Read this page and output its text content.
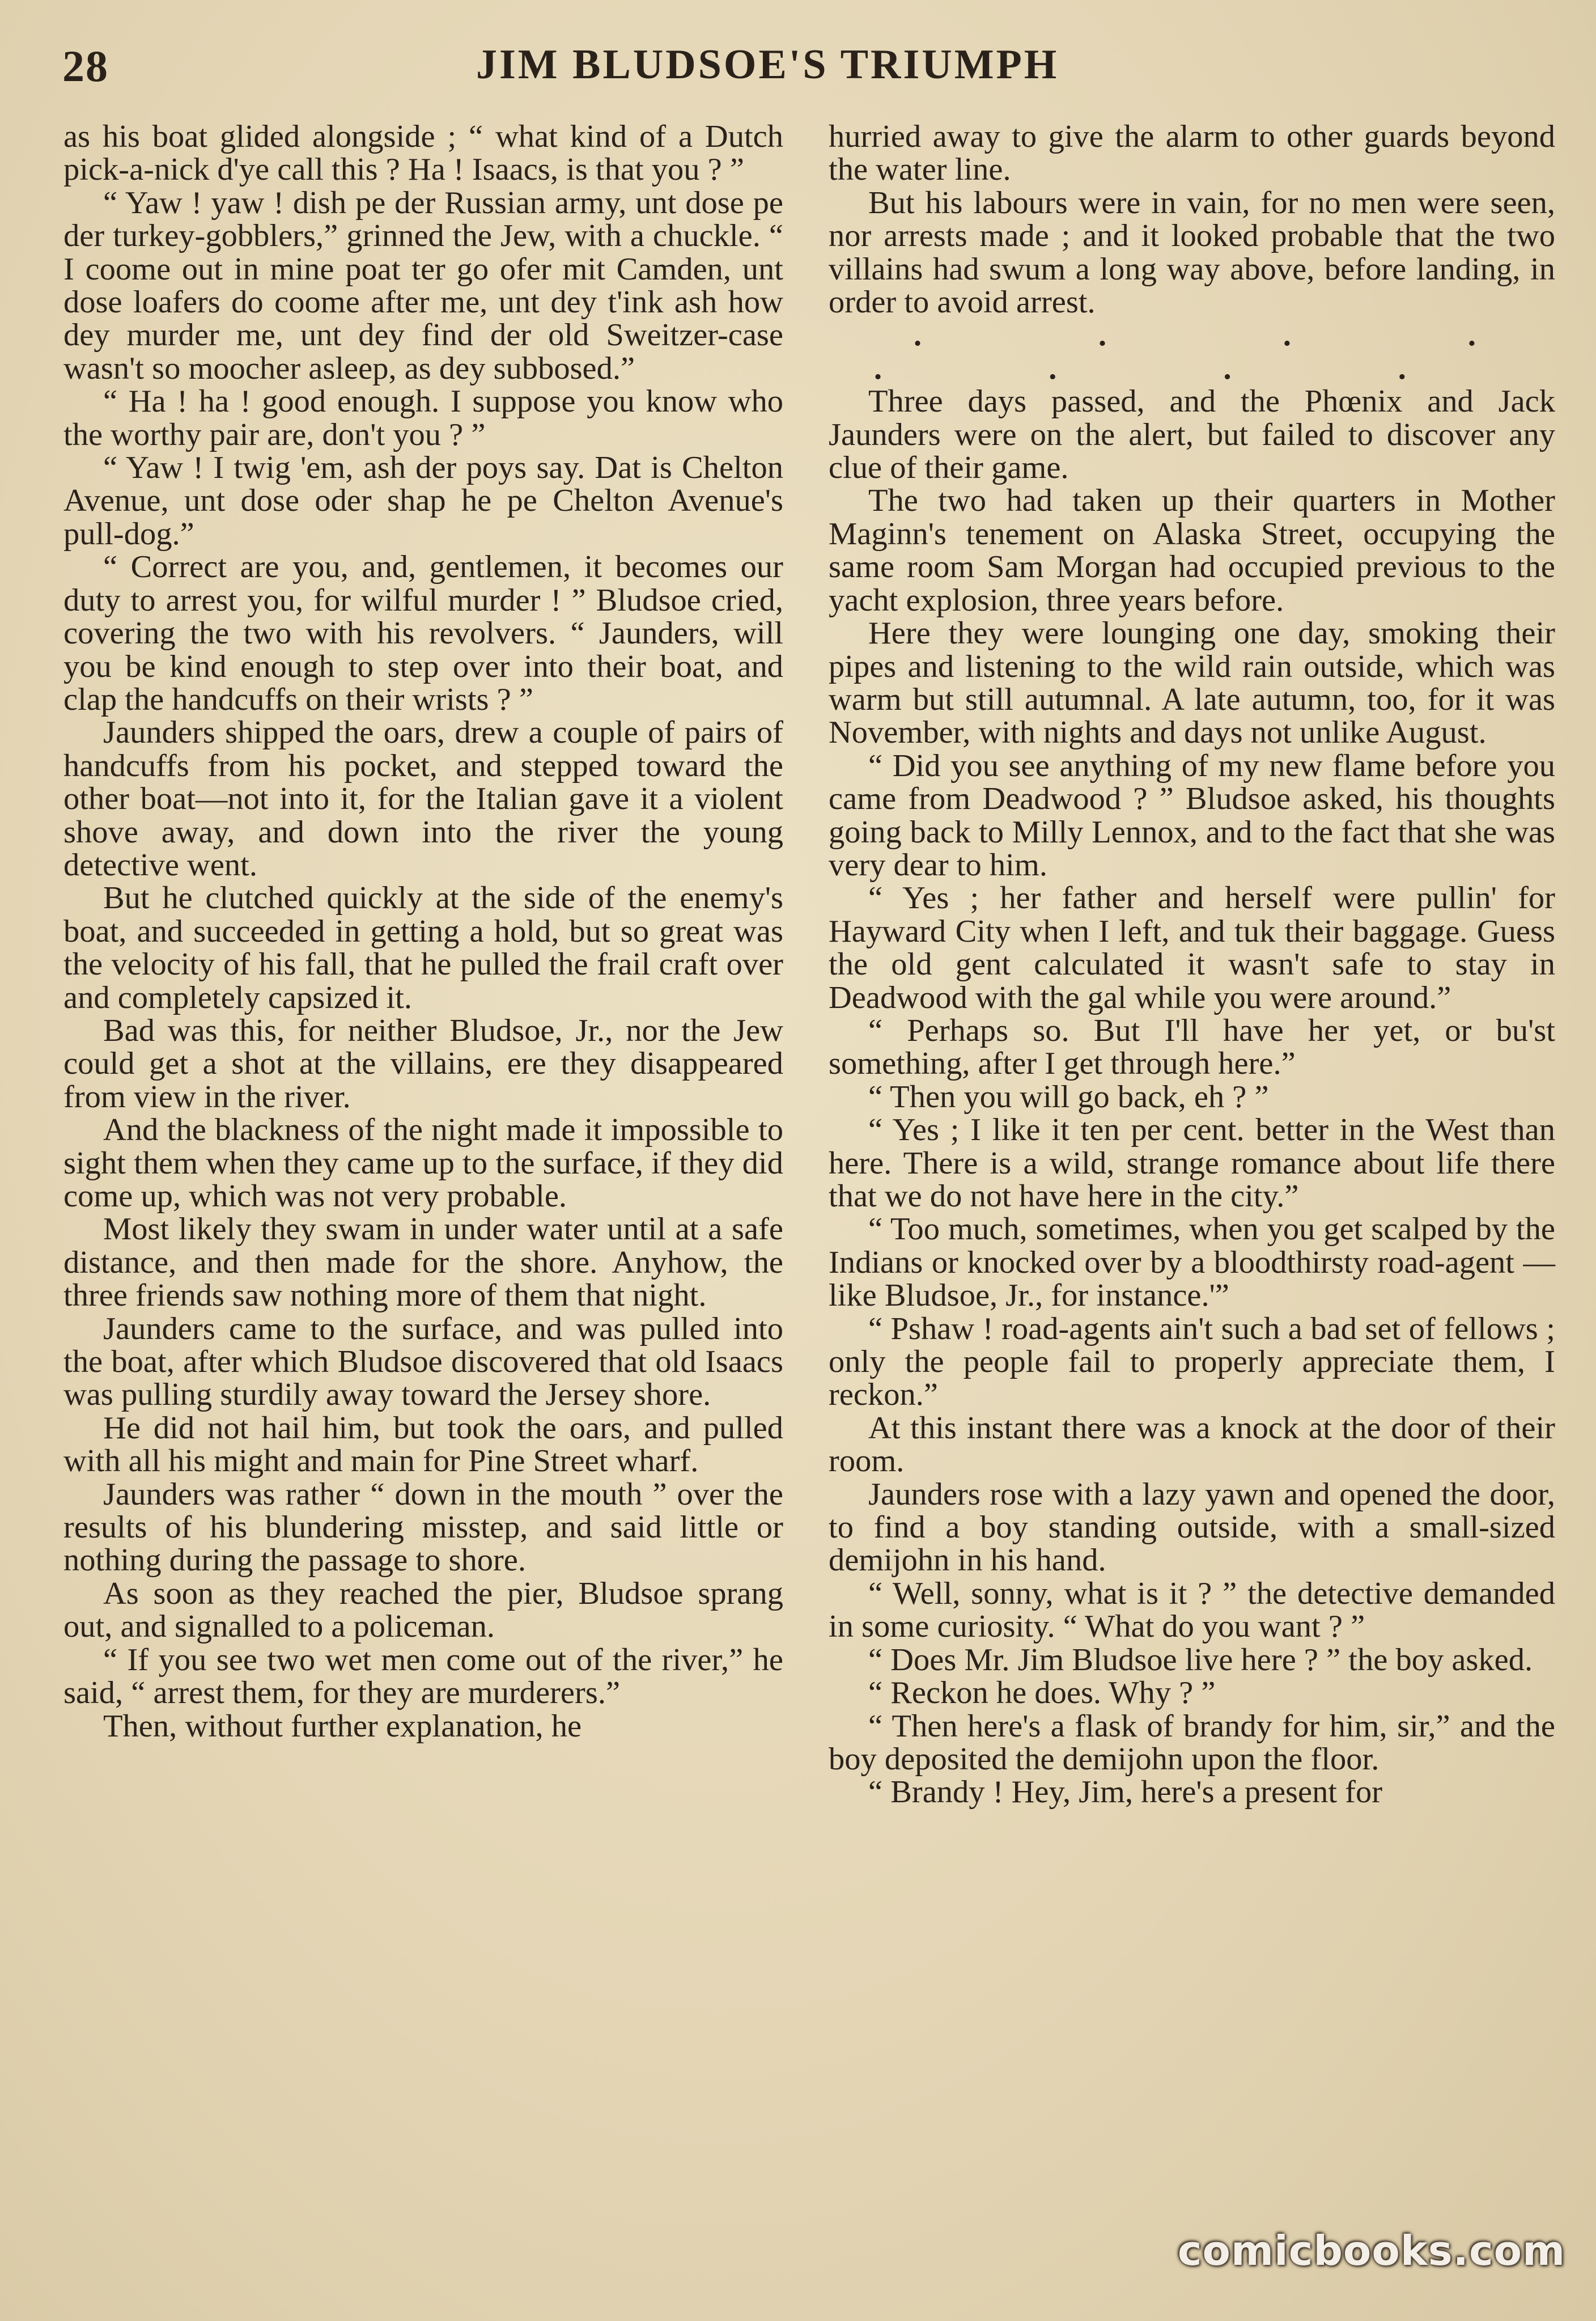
28	JIM BLUDSOE'S TRIUMPH

as his boat glided alongside ; “ what kind of a Dutch pick-a-nick d'ye call this ? Ha ! Isaacs, is that you ? ”

“ Yaw ! yaw ! dish pe der Russian army, unt dose pe der turkey-gobblers,” grinned the Jew, with a chuckle. “ I coome out in mine poat ter go ofer mit Camden, unt dose loafers do coome after me, unt dey t'ink ash how dey murder me, unt dey find der old Sweitzer-case wasn't so moocher asleep, as dey subbosed.”

“ Ha ! ha ! good enough. I suppose you know who the worthy pair are, don't you ? ”

“ Yaw ! I twig 'em, ash der poys say. Dat is Chelton Avenue, unt dose oder shap he pe Chelton Avenue's pull-dog.”

“ Correct are you, and, gentlemen, it becomes our duty to arrest you, for wilful murder ! ” Bludsoe cried, covering the two with his revolvers. “ Jaunders, will you be kind enough to step over into their boat, and clap the handcuffs on their wrists ? ”

Jaunders shipped the oars, drew a couple of pairs of handcuffs from his pocket, and stepped toward the other boat—not into it, for the Italian gave it a violent shove away, and down into the river the young detective went.

But he clutched quickly at the side of the enemy's boat, and succeeded in getting a hold, but so great was the velocity of his fall, that he pulled the frail craft over and completely capsized it.

Bad was this, for neither Bludsoe, Jr., nor the Jew could get a shot at the villains, ere they disappeared from view in the river.

And the blackness of the night made it impossible to sight them when they came up to the surface, if they did come up, which was not very probable.

Most likely they swam in under water until at a safe distance, and then made for the shore. Anyhow, the three friends saw nothing more of them that night.

Jaunders came to the surface, and was pulled into the boat, after which Bludsoe discovered that old Isaacs was pulling sturdily away toward the Jersey shore.

He did not hail him, but took the oars, and pulled with all his might and main for Pine Street wharf.

Jaunders was rather “ down in the mouth ” over the results of his blundering misstep, and said little or nothing during the passage to shore.

As soon as they reached the pier, Bludsoe sprang out, and signalled to a policeman.

“ If you see two wet men come out of the river,” he said, “ arrest them, for they are murderers.”

Then, without further explanation, he

hurried away to give the alarm to other guards beyond the water line.

But his labours were in vain, for no men were seen, nor arrests made ; and it looked probable that the two villains had swum a long way above, before landing, in order to avoid arrest.

. . . . . . . .

Three days passed, and the Phœnix and Jack Jaunders were on the alert, but failed to discover any clue of their game.

The two had taken up their quarters in Mother Maginn's tenement on Alaska Street, occupying the same room Sam Morgan had occupied previous to the yacht explosion, three years before.

Here they were lounging one day, smoking their pipes and listening to the wild rain outside, which was warm but still autumnal. A late autumn, too, for it was November, with nights and days not unlike August.

“ Did you see anything of my new flame before you came from Deadwood ? ” Bludsoe asked, his thoughts going back to Milly Lennox, and to the fact that she was very dear to him.

“ Yes ; her father and herself were pullin' for Hayward City when I left, and tuk their baggage. Guess the old gent calculated it wasn't safe to stay in Deadwood with the gal while you were around.”

“ Perhaps so. But I'll have her yet, or bu'st something, after I get through here.”

“ Then you will go back, eh ? ”

“ Yes ; I like it ten per cent. better in the West than here. There is a wild, strange romance about life there that we do not have here in the city.”

“ Too much, sometimes, when you get scalped by the Indians or knocked over by a bloodthirsty road-agent — like Bludsoe, Jr., for instance.'”

“ Pshaw ! road-agents ain't such a bad set of fellows ; only the people fail to properly appreciate them, I reckon.”

At this instant there was a knock at the door of their room.

Jaunders rose with a lazy yawn and opened the door, to find a boy standing outside, with a small-sized demijohn in his hand.

“ Well, sonny, what is it ? ” the detective demanded in some curiosity. “ What do you want ? ”

“ Does Mr. Jim Bludsoe live here ? ” the boy asked.

“ Reckon he does. Why ? ”

“ Then here's a flask of brandy for him, sir,” and the boy deposited the demijohn upon the floor.

“ Brandy ! Hey, Jim, here's a present for

comicbooks.com
